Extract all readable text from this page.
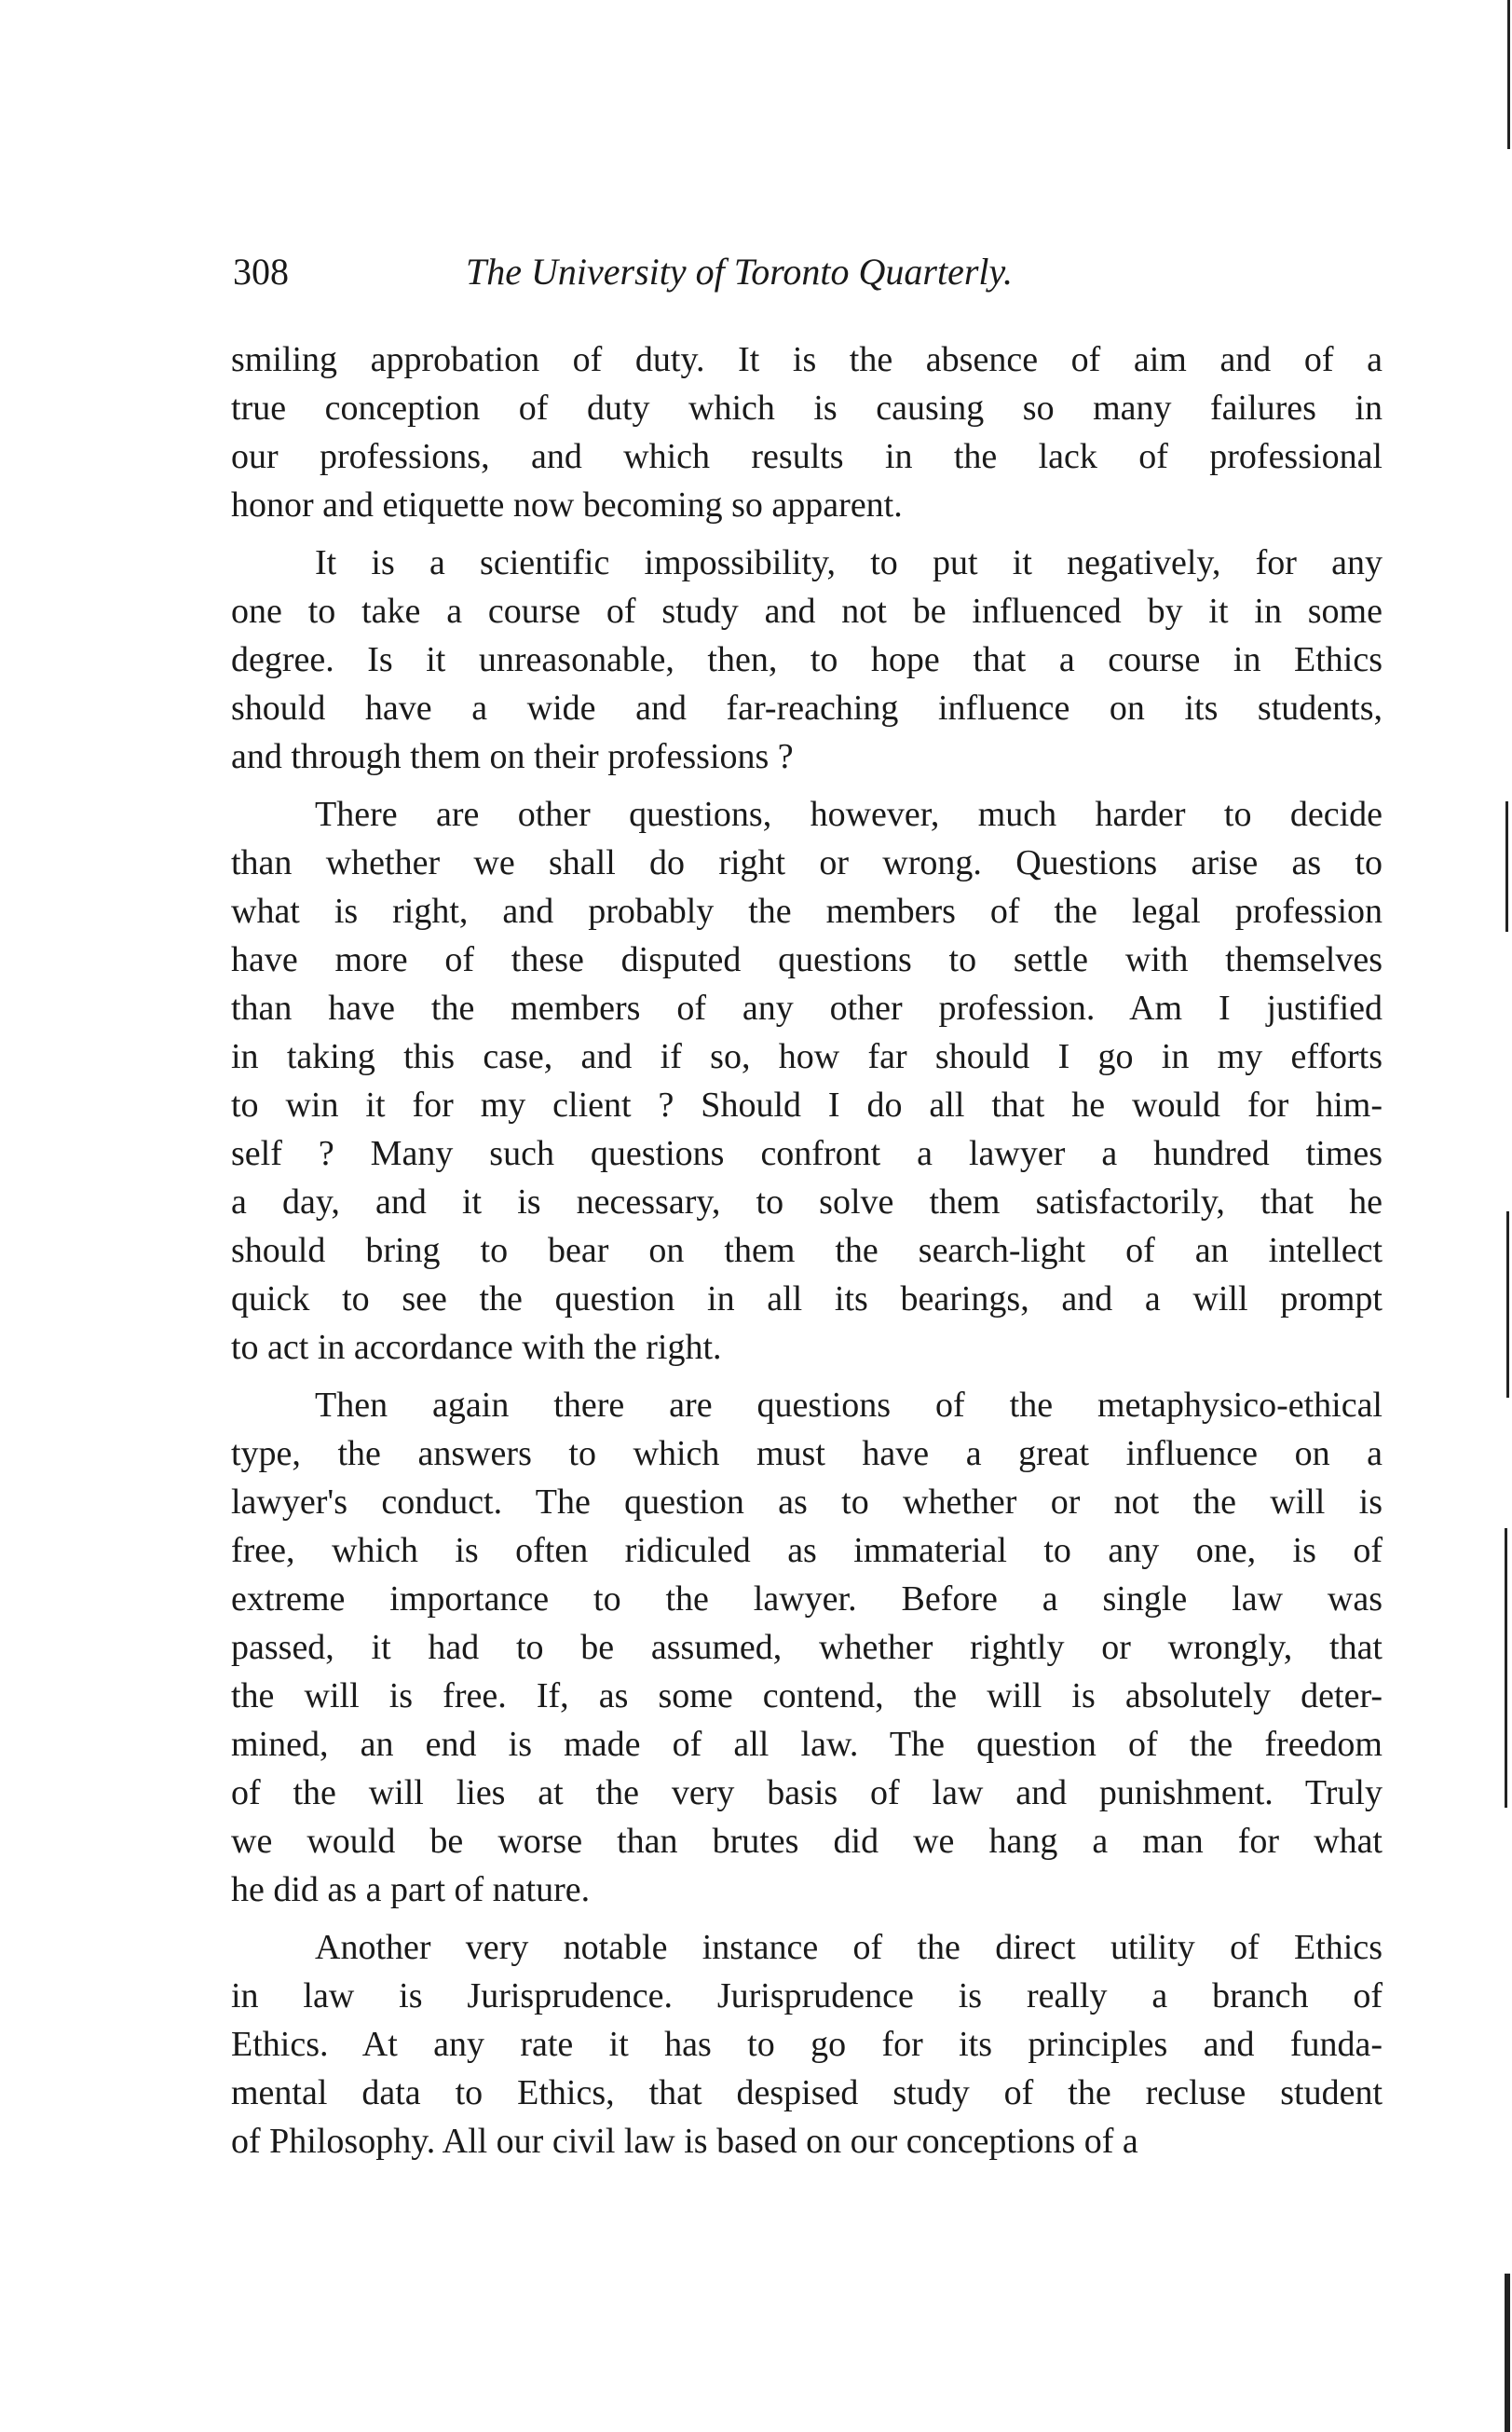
308	The University of Toronto Quarterly.
smiling approbation of duty. It is the absence of aim and of a
true conception of duty which is causing so many failures in
our professions, and which results in the lack of professional
honor and etiquette now becoming so apparent.
It is a scientific impossibility, to put it negatively, for any
one to take a course of study and not be influenced by it in some
degree. Is it unreasonable, then, to hope that a course in Ethics
should have a wide and far-reaching influence on its students,
and through them on their professions ?
There are other questions, however, much harder to decide
than whether we shall do right or wrong. Questions arise as to
what is right, and probably the members of the legal profession
have more of these disputed questions to settle with themselves
than have the members of any other profession. Am I justified
in taking this case, and if so, how far should I go in my efforts
to win it for my client ? Should I do all that he would for him-
self ? Many such questions confront a lawyer a hundred times
a day, and it is necessary, to solve them satisfactorily, that he
should bring to bear on them the search-light of an intellect
quick to see the question in all its bearings, and a will prompt
to act in accordance with the right.
Then again there are questions of the metaphysico-ethical
type, the answers to which must have a great influence on a
lawyer's conduct. The question as to whether or not the will is
free, which is often ridiculed as immaterial to any one, is of
extreme importance to the lawyer. Before a single law was
passed, it had to be assumed, whether rightly or wrongly, that
the will is free. If, as some contend, the will is absolutely deter-
mined, an end is made of all law. The question of the freedom
of the will lies at the very basis of law and punishment. Truly
we would be worse than brutes did we hang a man for what
he did as a part of nature.
Another very notable instance of the direct utility of Ethics
in law is Jurisprudence. Jurisprudence is really a branch of
Ethics. At any rate it has to go for its principles and funda-
mental data to Ethics, that despised study of the recluse student
of Philosophy. All our civil law is based on our conceptions of a
